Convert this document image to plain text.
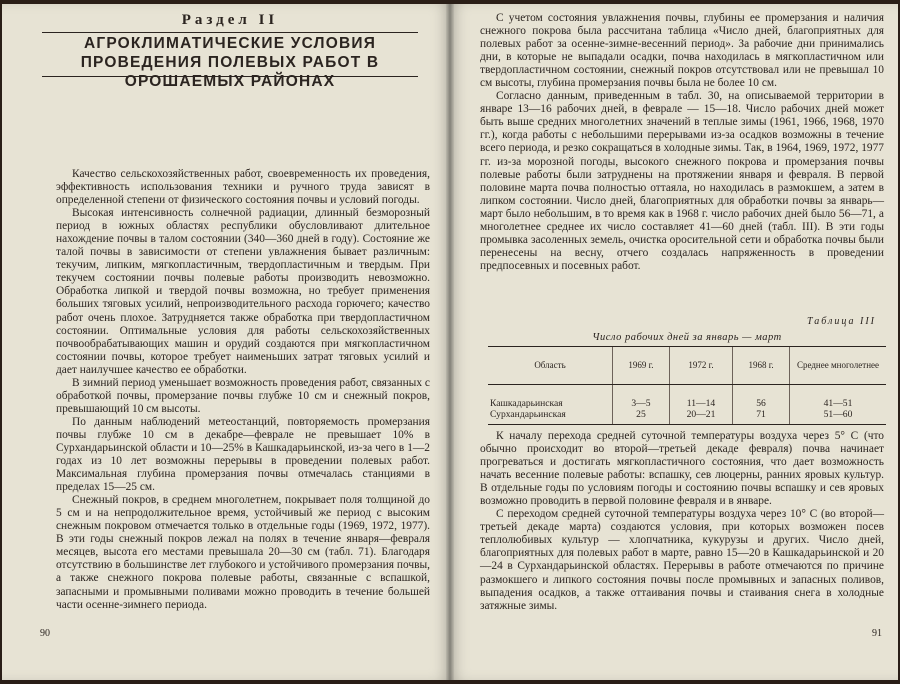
Раздел II
АГРОКЛИМАТИЧЕСКИЕ УСЛОВИЯ ПРОВЕДЕНИЯ ПОЛЕВЫХ РАБОТ В ОРОШАЕМЫХ РАЙОНАХ

Качество сельскохозяйственных работ, своевременность их проведения, эффективность использования техники и ручного труда зависят в определенной степени от физического состояния почвы и условий погоды.

Высокая интенсивность солнечной радиации, длинный безморозный период в южных областях республики обусловливают длительное нахождение почвы в талом состоянии (340—360 дней в году). Состояние же талой почвы в зависимости от степени увлажнения бывает различным: текучим, липким, мягкопластичным, твердопластичным и твердым. При текучем состоянии почвы полевые работы производить невозможно. Обработка липкой и твердой почвы возможна, но требует применения больших тяговых усилий, непроизводительного расхода горючего; качество работ очень плохое. Затрудняется также обработка при твердопластичном состоянии. Оптимальные условия для работы сельскохозяйственных почвообрабатывающих машин и орудий создаются при мягкопластичном состоянии почвы, которое требует наименьших затрат тяговых усилий и дает наилучшее качество ее обработки.

В зимний период уменьшает возможность проведения работ, связанных с обработкой почвы, промерзание почвы глубже 10 см и снежный покров, превышающий 10 см высоты.

По данным наблюдений метеостанций, повторяемость промерзания почвы глубже 10 см в декабре—феврале не превышает 10% в Сурхандарьинской области и 10—25% в Кашкадарьинской, из-за чего в 1—2 годах из 10 лет возможны перерывы в проведении полевых работ. Максимальная глубина промерзания почвы отмечалась станциями в пределах 15—25 см.

Снежный покров, в среднем многолетнем, покрывает поля толщиной до 5 см и на непродолжительное время, устойчивый же период с высоким снежным покровом отмечается только в отдельные годы (1969, 1972, 1977). В эти годы снежный покров лежал на полях в течение января—февраля месяцев, высота его местами превышала 20—30 см (табл. 71). Благодаря отсутствию в большинстве лет глубокого и устойчивого промерзания почвы, а также снежного покрова полевые работы, связанные с вспашкой, запасными и промывными поливами можно проводить в течение большей части осенне-зимнего периода.

90

С учетом состояния увлажнения почвы, глубины ее промерзания и наличия снежного покрова была рассчитана таблица «Число дней, благоприятных для полевых работ за осенне-зимне-весенний период». За рабочие дни принимались дни, в которые не выпадали осадки, почва находилась в мягкопластичном или твердопластичном состоянии, снежный покров отсутствовал или не превышал 10 см высоты, глубина промерзания почвы была не более 10 см.

Согласно данным, приведенным в табл. 30, на описываемой территории в январе 13—16 рабочих дней, в феврале — 15—18. Число рабочих дней может быть выше средних многолетних значений в теплые зимы (1961, 1966, 1968, 1970 гг.), когда работы с небольшими перерывами из-за осадков возможны в течение всего периода, и резко сокращаться в холодные зимы. Так, в 1964, 1969, 1972, 1977 гг. из-за морозной погоды, высокого снежного покрова и промерзания почвы полевые работы были затруднены на протяжении января и февраля. В первой половине марта почва полностью оттаяла, но находилась в размокшем, а затем в липком состоянии. Число дней, благоприятных для обработки почвы за январь—март было небольшим, в то время как в 1968 г. число рабочих дней было 56—71, а многолетнее среднее их число составляет 41—60 дней (табл. III). В эти годы промывка засоленных земель, очистка оросительной сети и обработка почвы были перенесены на весну, отчего создалась напряженность в проведении предпосевных и посевных работ.

Таблица III
Число рабочих дней за январь — март
Область	1969 г.	1972 г.	1968 г.	Среднее многолетнее

Кашкадарьинская	3—5	11—14	56	41—51
Сурхандарьинская	25	20—21	71	51—60

К началу перехода средней суточной температуры воздуха через 5° С (что обычно происходит во второй—третьей декаде февраля) почва начинает прогреваться и достигать мягкопластичного состояния, что дает возможность начать весенние полевые работы: вспашку, сев люцерны, ранних яровых культур. В отдельные годы по условиям погоды и состоянию почвы вспашку и сев яровых возможно проводить в первой половине февраля и в январе.

С переходом средней суточной температуры воздуха через 10° С (во второй—третьей декаде марта) создаются условия, при которых возможен посев теплолюбивых культур — хлопчатника, кукурузы и других. Число дней, благоприятных для полевых работ в марте, равно 15—20 в Кашкадарьинской и 20—24 в Сурхандарьинской областях. Перерывы в работе отмечаются по причине размокшего и липкого состояния почвы после промывных и запасных поливов, выпадения осадков, а также оттаивания почвы и стаивания снега в холодные затяжные зимы.

91
